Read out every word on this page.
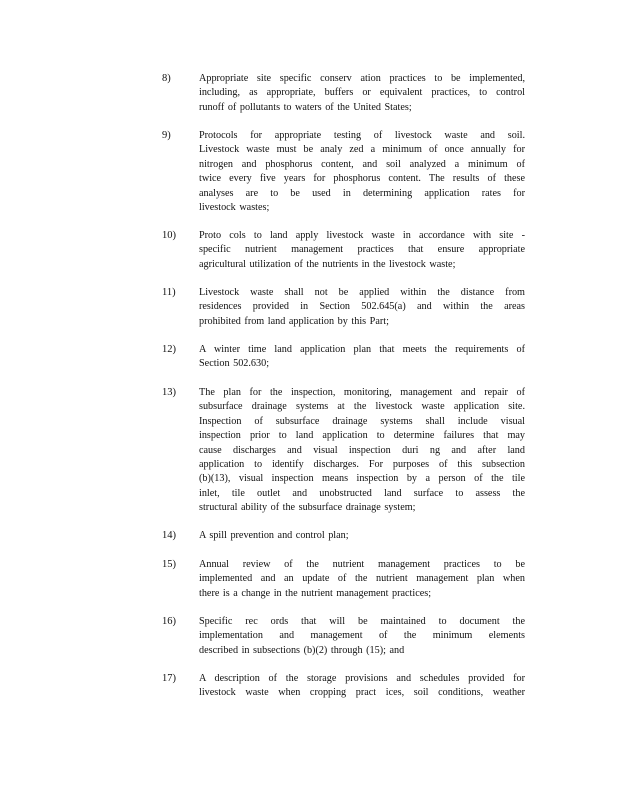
8)	Appropriate site specific conserv ation practices to be implemented,
including, as appropriate, buffers or equivalent practices, to control
runoff of pollutants to waters of the United States;
9)	Protocols for appropriate testing of livestock waste and soil.
Livestock waste must be analy zed a minimum of once annually for
nitrogen and phosphorus content, and soil analyzed a minimum of
twice every five years for phosphorus content. The results of these
analyses are to be used in determining application rates for
livestock wastes;
10)	Proto cols to land apply livestock waste in accordance with site -
specific nutrient management practices that ensure appropriate
agricultural utilization of the nutrients in the livestock waste;
11)	Livestock waste shall not be applied within the distance from
residences provided in Section 502.645(a) and within the areas
prohibited from land application by this Part;
12)	A winter time land application plan that meets the requirements of
Section 502.630;
13)	The plan for the inspection, monitoring, management and repair of
subsurface drainage systems at the livestock waste application site.
Inspection of subsurface drainage systems shall include visual
inspection prior to land application to determine failures that may
cause discharges and visual inspection duri ng and after land
application to identify discharges. For purposes of this subsection
(b)(13), visual inspection means inspection by a person of the tile
inlet, tile outlet and unobstructed land surface to assess the
structural ability of the subsurface drainage system;
14)	A spill prevention and control plan;
15)	Annual review of the nutrient management practices to be
implemented and an update of the nutrient management plan when
there is a change in the nutrient management practices;
16)	Specific rec ords that will be maintained to document the
implementation and management of the minimum elements
described in subsections (b)(2) through (15); and
17)	A description of the storage provisions and schedules provided for
livestock waste when cropping pract ices, soil conditions, weather
